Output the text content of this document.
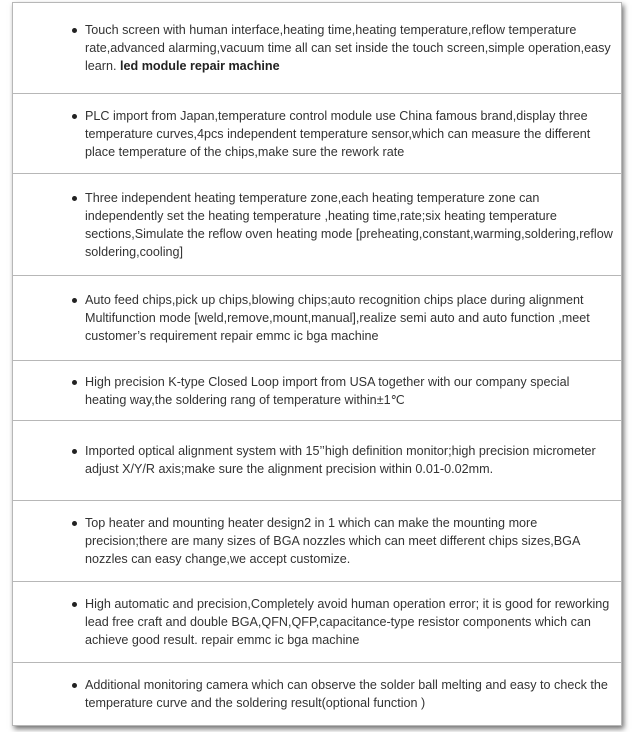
Touch screen with human interface,heating time,heating temperature,reflow temperature rate,advanced alarming,vacuum time all can set inside the touch screen,simple operation,easy learn. led module repair machine

PLC import from Japan,temperature control module use China famous brand,display three temperature curves,4pcs independent temperature sensor,which can measure the different place temperature of the chips,make sure the rework rate

Three independent heating temperature zone,each heating temperature zone can independently set the heating temperature ,heating time,rate;six heating temperature sections,Simulate the reflow oven heating mode [preheating,constant,warming,soldering,reflow soldering,cooling]

Auto feed chips,pick up chips,blowing chips;auto recognition chips place during alignment Multifunction mode [weld,remove,mount,manual],realize semi auto and auto function ,meet customer’s requirement repair emmc ic bga machine

High precision K-type Closed Loop import from USA together with our company special heating way,the soldering rang of temperature within±1℃

Imported optical alignment system with 15’’high definition monitor;high precision micrometer adjust X/Y/R axis;make sure the alignment precision within 0.01-0.02mm.

Top heater and mounting heater design2 in 1 which can make the mounting more precision;there are many sizes of BGA nozzles which can meet different chips sizes,BGA nozzles can easy change,we accept customize.

High automatic and precision,Completely avoid human operation error; it is good for reworking lead free craft and double BGA,QFN,QFP,capacitance-type resistor components which can achieve good result. repair emmc ic bga machine

Additional monitoring camera which can observe the solder ball melting and easy to check the temperature curve and the soldering result(optional function )
